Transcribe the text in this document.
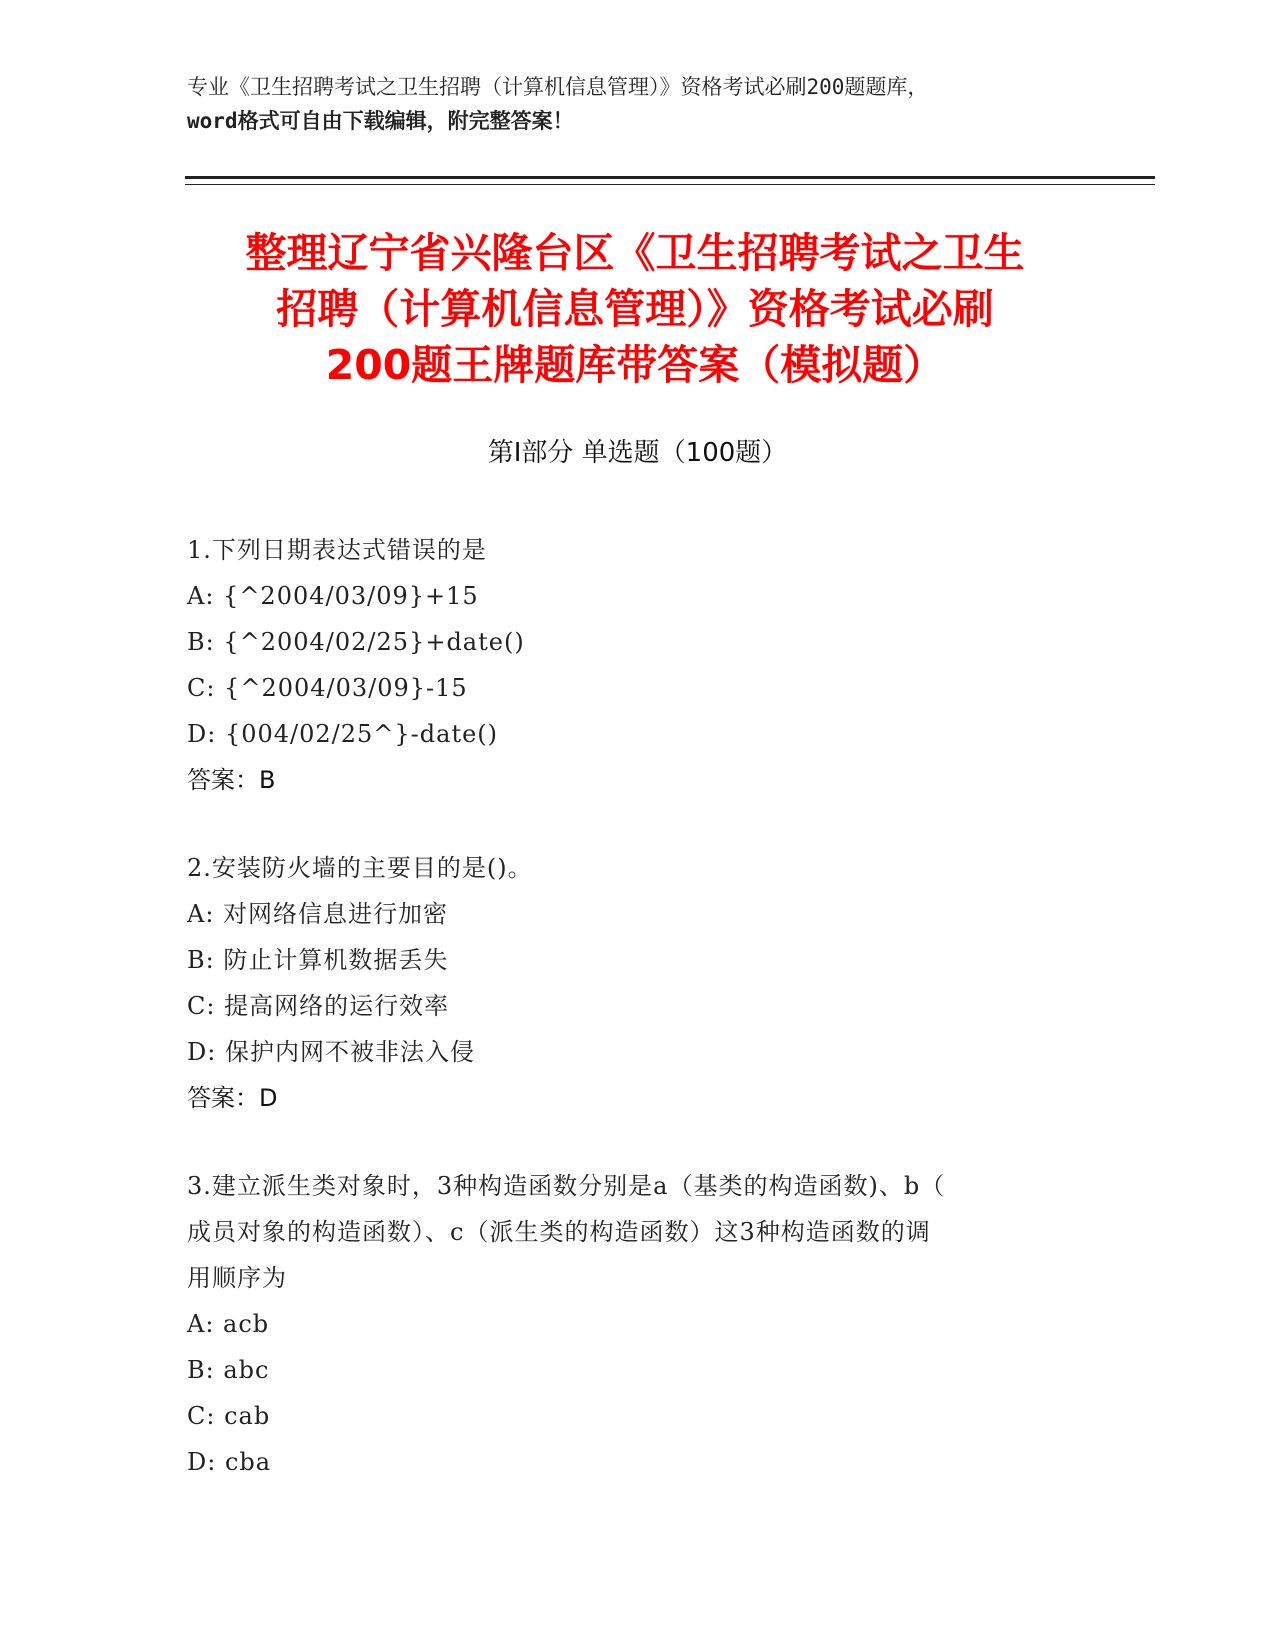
专业《卫生招聘考试之卫生招聘（计算机信息管理）》资格考试必刷200题题库，
word格式可自由下载编辑，附完整答案！
整理辽宁省兴隆台区《卫生招聘考试之卫生
招聘（计算机信息管理）》资格考试必刷
200题王牌题库带答案（模拟题）
第Ⅰ部分 单选题（100题）
1.下列日期表达式错误的是
A: {^2004/03/09}+15
B: {^2004/02/25}+date()
C: {^2004/03/09}-15
D: {004/02/25^}-date()
答案：B
2.安装防火墙的主要目的是()。
A: 对网络信息进行加密
B: 防止计算机数据丢失
C: 提高网络的运行效率
D: 保护内网不被非法入侵
答案：D
3.建立派生类对象时，3种构造函数分别是a（基类的构造函数)、b（
成员对象的构造函数）、c（派生类的构造函数）这3种构造函数的调
用顺序为
A: acb
B: abc
C: cab
D: cba
